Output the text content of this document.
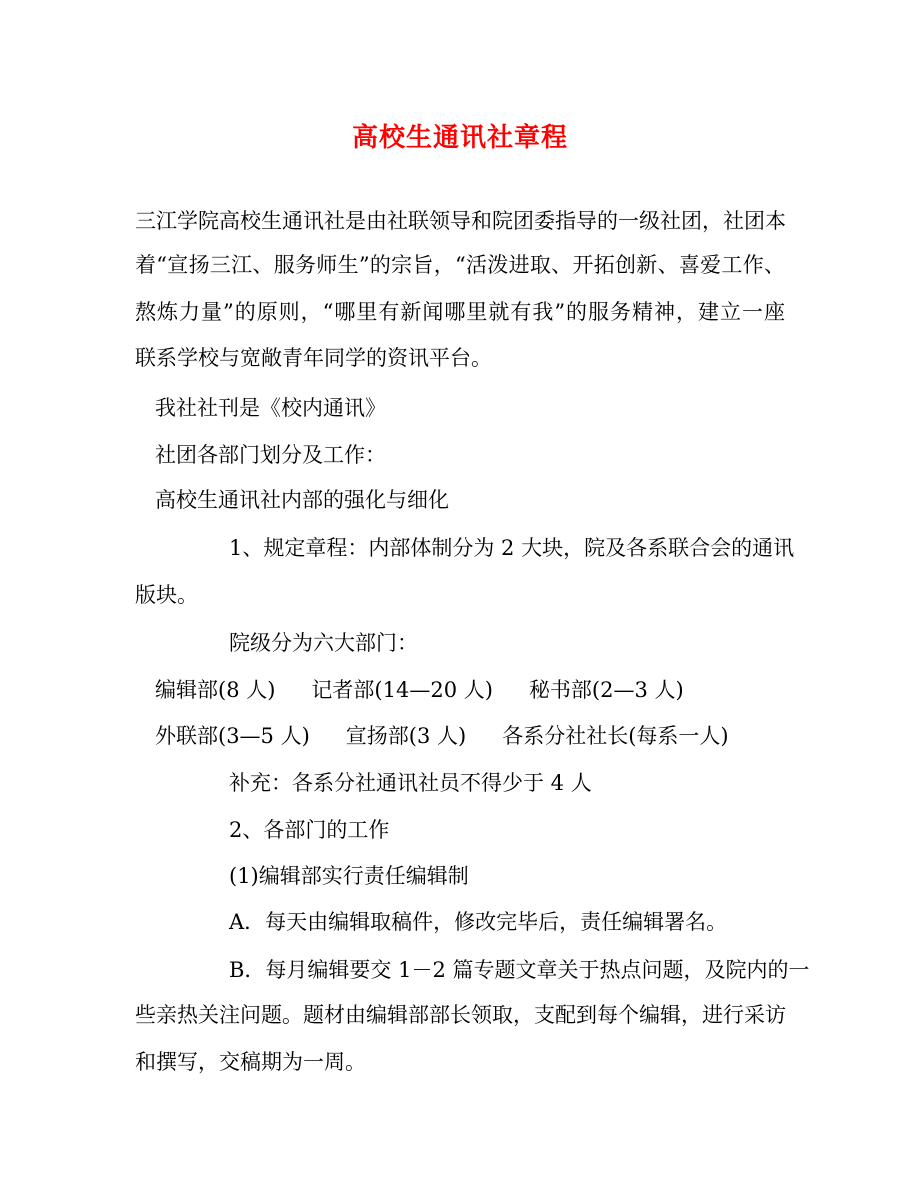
高校生通讯社章程
三江学院高校生通讯社是由社联领导和院团委指导的一级社团，社团本
着“宣扬三江、服务师生”的宗旨，“活泼进取、开拓创新、喜爱工作、
熬炼力量”的原则，“哪里有新闻哪里就有我”的服务精神，建立一座
联系学校与宽敞青年同学的资讯平台。
我社社刊是《校内通讯》
社团各部门划分及工作：
高校生通讯社内部的强化与细化
1、规定章程：内部体制分为 2 大块，院及各系联合会的通讯
版块。
院级分为六大部门：
编辑部(8 人) 记者部(14—20 人) 秘书部(2—3 人)
外联部(3—5 人) 宣扬部(3 人) 各系分社社长(每系一人)
补充：各系分社通讯社员不得少于 4 人
2、各部门的工作
(1)编辑部实行责任编辑制
A．每天由编辑取稿件，修改完毕后，责任编辑署名。
B．每月编辑要交 1－2 篇专题文章关于热点问题，及院内的一
些亲热关注问题。题材由编辑部部长领取，支配到每个编辑，进行采访
和撰写，交稿期为一周。
